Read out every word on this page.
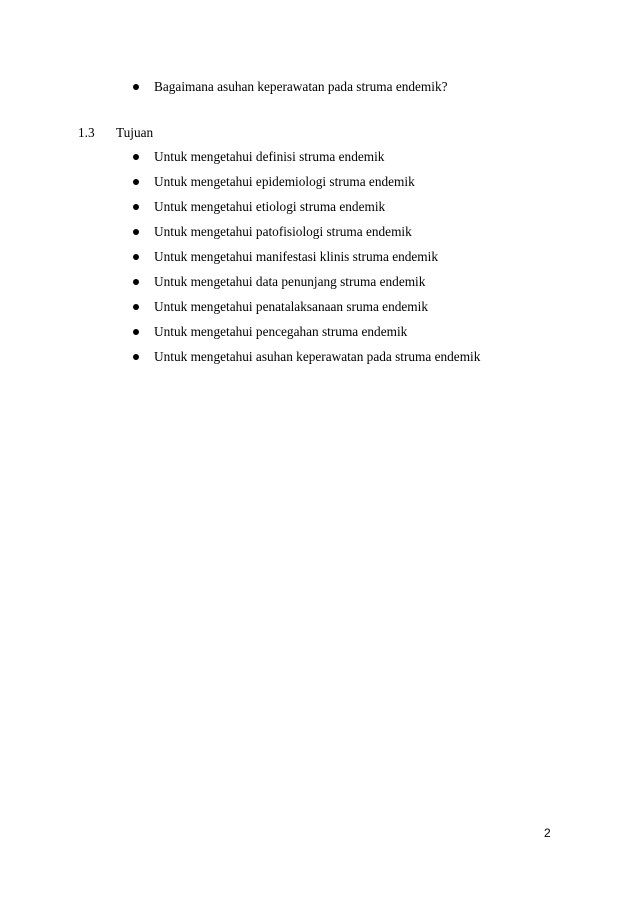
Bagaimana asuhan keperawatan pada struma endemik?
1.3	Tujuan
Untuk mengetahui definisi struma endemik
Untuk mengetahui epidemiologi struma endemik
Untuk mengetahui etiologi struma endemik
Untuk mengetahui patofisiologi struma endemik
Untuk mengetahui manifestasi klinis struma endemik
Untuk mengetahui data penunjang struma endemik
Untuk mengetahui penatalaksanaan sruma endemik
Untuk mengetahui pencegahan struma endemik
Untuk mengetahui asuhan keperawatan pada struma endemik
2
